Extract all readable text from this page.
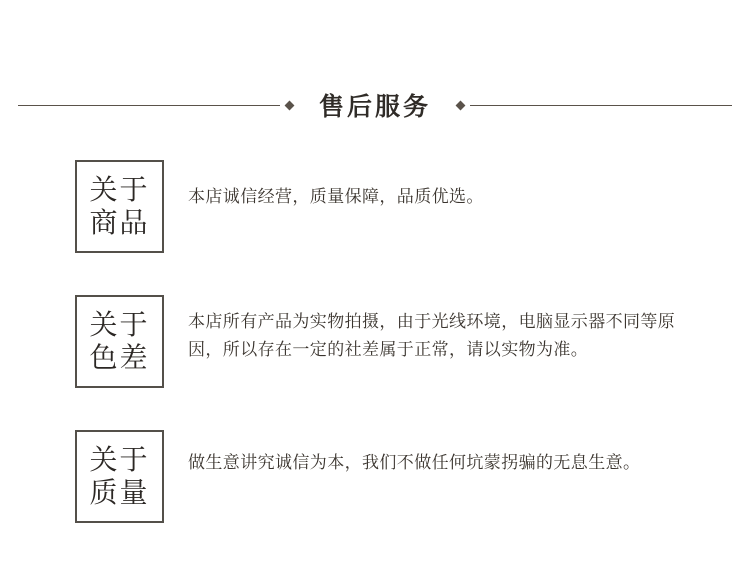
售后服务
关于
商品
本店诚信经营，质量保障，品质优选。
关于
色差
本店所有产品为实物拍摄，由于光线环境，电脑显示器不同等原因，所以存在一定的社差属于正常，请以实物为准。
关于
质量
做生意讲究诚信为本，我们不做任何坑蒙拐骗的无息生意。
